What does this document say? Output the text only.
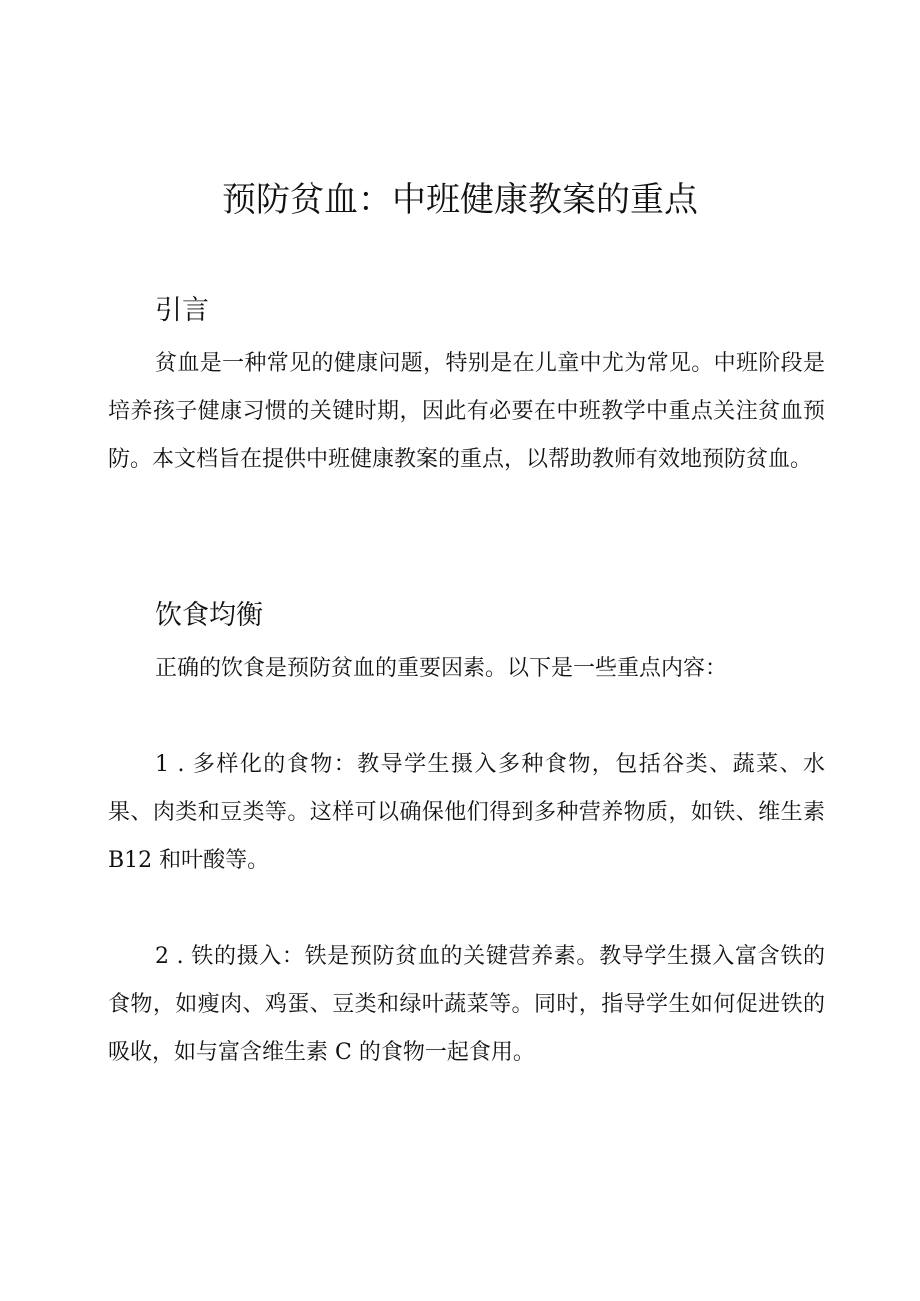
预防贫血：中班健康教案的重点
引言

贫血是一种常见的健康问题，特别是在儿童中尤为常见。中班阶段是培养孩子健康习惯的关键时期，因此有必要在中班教学中重点关注贫血预防。本文档旨在提供中班健康教案的重点，以帮助教师有效地预防贫血。

饮食均衡

正确的饮食是预防贫血的重要因素。以下是一些重点内容：

1 . 多样化的食物：教导学生摄入多种食物，包括谷类、蔬菜、水果、肉类和豆类等。这样可以确保他们得到多种营养物质，如铁、维生素 B12 和叶酸等。

2 . 铁的摄入：铁是预防贫血的关键营养素。教导学生摄入富含铁的食物，如瘦肉、鸡蛋、豆类和绿叶蔬菜等。同时，指导学生如何促进铁的吸收，如与富含维生素 C 的食物一起食用。
